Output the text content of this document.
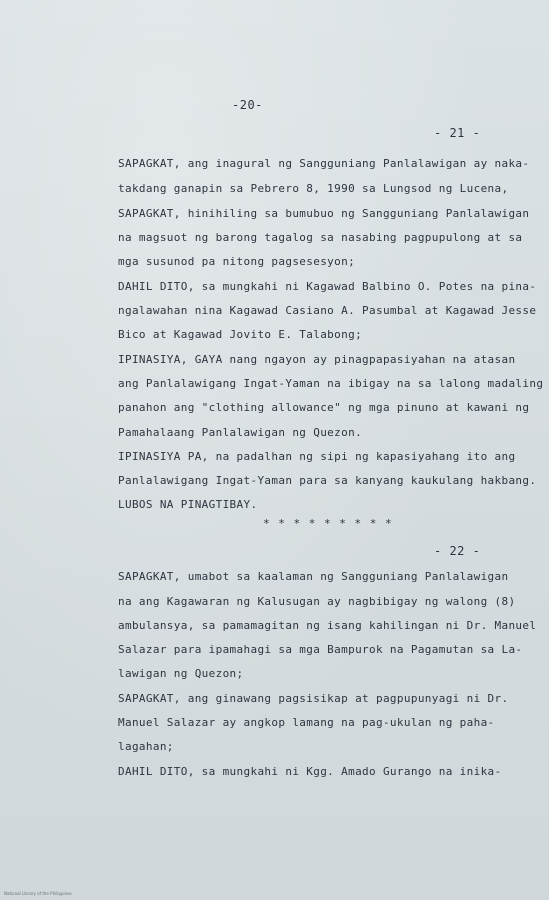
-20-
- 21 -
SAPAGKAT, ang inagural ng Sangguniang Panlalawigan ay naka-
takdang ganapin sa Pebrero 8, 1990 sa Lungsod ng Lucena,
SAPAGKAT, hinihiling sa bumubuo ng Sangguniang Panlalawigan
na magsuot ng barong tagalog sa nasabing pagpupulong at sa
mga susunod pa nitong pagsesesyon;
DAHIL DITO, sa mungkahi ni Kagawad Balbino O. Potes na pina-
ngalawahan nina Kagawad Casiano A. Pasumbal at Kagawad Jesse
Bico at Kagawad Jovito E. Talabong;
IPINASIYA, GAYA nang ngayon ay pinagpapasiyahan na atasan
ang Panlalawigang Ingat-Yaman na ibigay na sa lalong madaling
panahon ang "clothing allowance" ng mga pinuno at kawani ng
Pamahalaang Panlalawigan ng Quezon.
IPINASIYA PA, na padalhan ng sipi ng kapasiyahang ito ang
Panlalawigang Ingat-Yaman para sa kanyang kaukulang hakbang.
LUBOS NA PINAGTIBAY.
* * * * * * * * *
- 22 -
SAPAGKAT, umabot sa kaalaman ng Sangguniang Panlalawigan
na ang Kagawaran ng Kalusugan ay nagbibigay ng walong (8)
ambulansya, sa pamamagitan ng isang kahilingan ni Dr. Manuel
Salazar para ipamahagi sa mga Bampurok na Pagamutan sa La-
lawigan ng Quezon;
SAPAGKAT, ang ginawang pagsisikap at pagpupunyagi ni Dr.
Manuel Salazar ay angkop lamang na pag-ukulan ng paha-
lagahan;
DAHIL DITO, sa mungkahi ni Kgg. Amado Gurango na inika-
National Library of the Philippines
